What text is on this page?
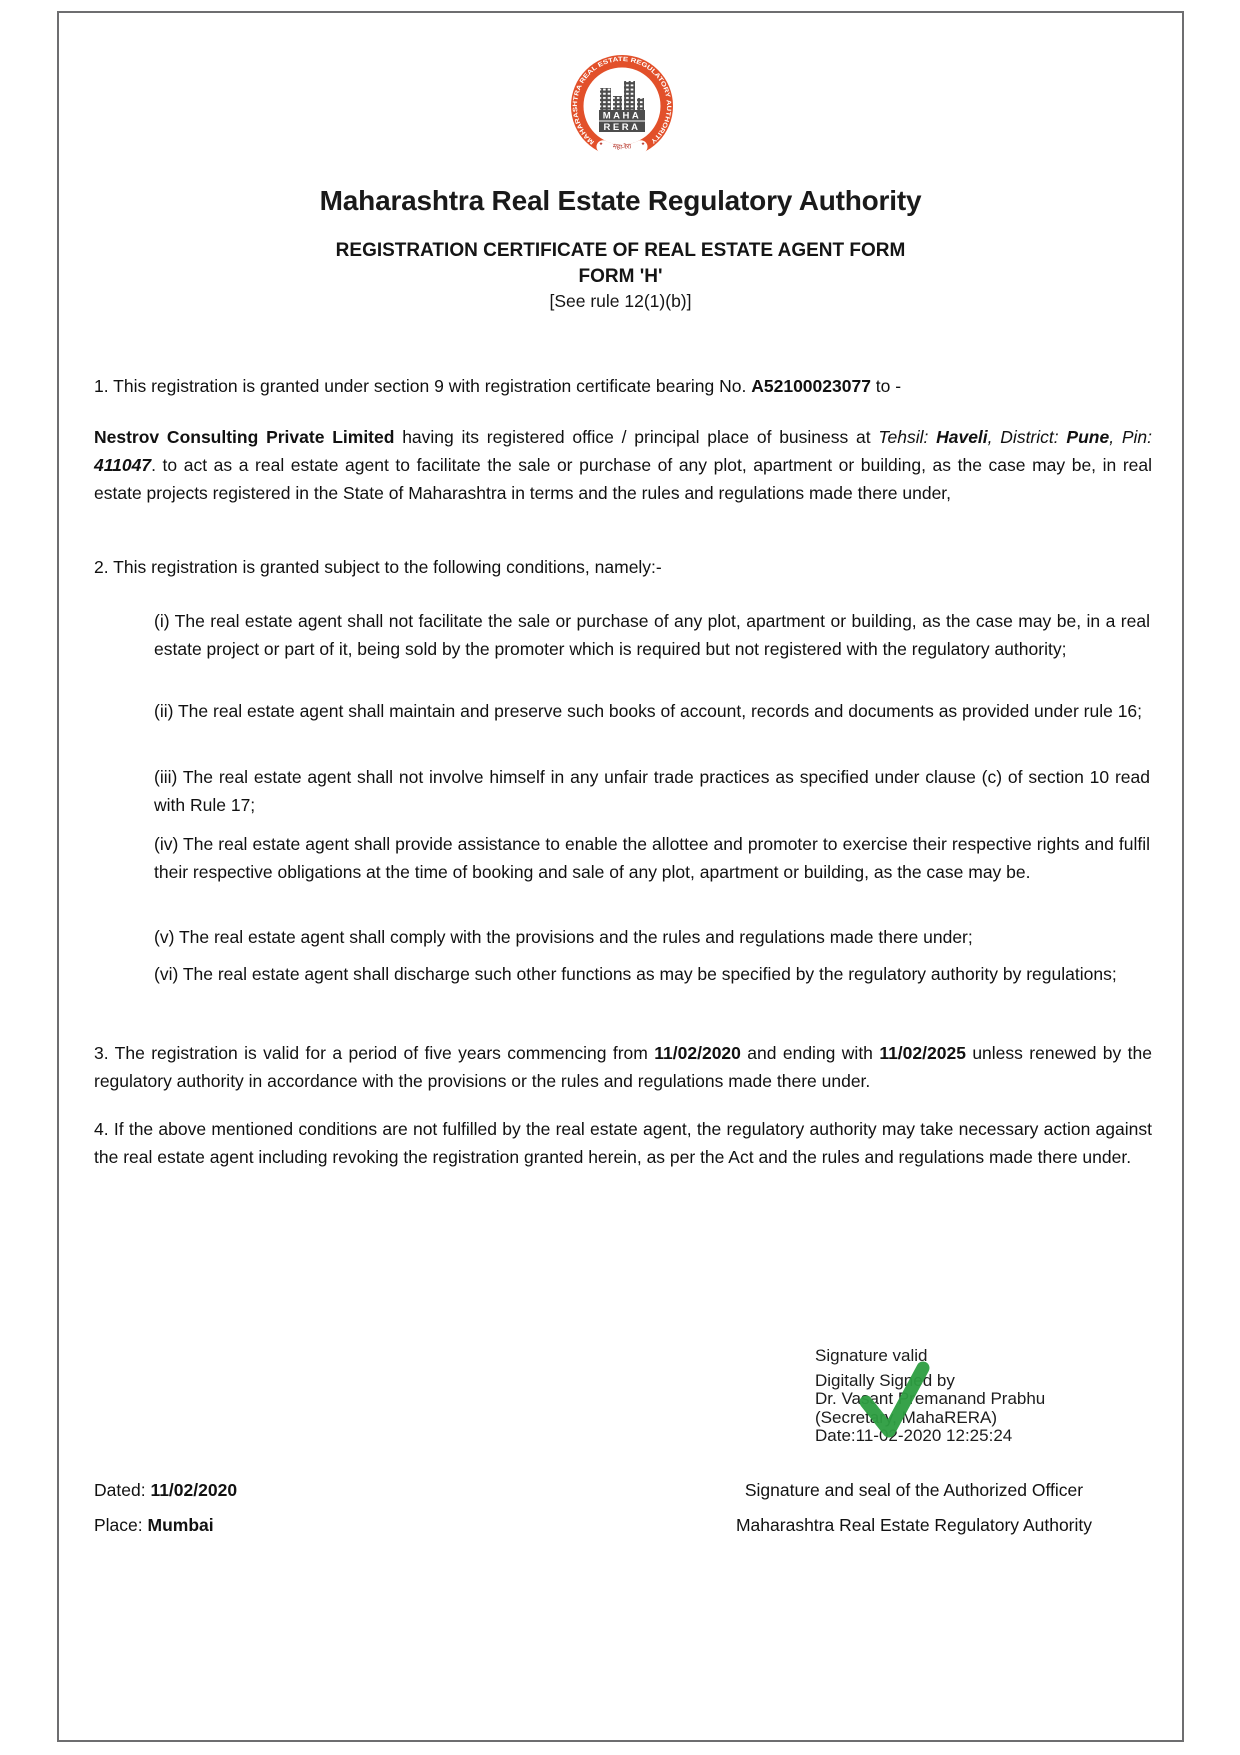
MAHARASHTRA REAL ESTATE REGULATORY AUTHORITY
MAHA
RERA
महा-रेरा
★	★
Maharashtra Real Estate Regulatory Authority
REGISTRATION CERTIFICATE OF REAL ESTATE AGENT FORM
FORM 'H'
[See rule 12(1)(b)]

1. This registration is granted under section 9 with registration certificate bearing No. A52100023077 to -

Nestrov Consulting Private Limited having its registered office / principal place of business at Tehsil: Haveli, District: Pune, Pin: 411047. to act as a real estate agent to facilitate the sale or purchase of any plot, apartment or building, as the case may be, in real estate projects registered in the State of Maharashtra in terms and the rules and regulations made there under,

2. This registration is granted subject to the following conditions, namely:-

(i) The real estate agent shall not facilitate the sale or purchase of any plot, apartment or building, as the case may be, in a real estate project or part of it, being sold by the promoter which is required but not registered with the regulatory authority;

(ii) The real estate agent shall maintain and preserve such books of account, records and documents as provided under rule 16;

(iii) The real estate agent shall not involve himself in any unfair trade practices as specified under clause (c) of section 10 read with Rule 17;

(iv) The real estate agent shall provide assistance to enable the allottee and promoter to exercise their respective rights and fulfil their respective obligations at the time of booking and sale of any plot, apartment or building, as the case may be.

(v) The real estate agent shall comply with the provisions and the rules and regulations made there under;

(vi) The real estate agent shall discharge such other functions as may be specified by the regulatory authority by regulations;

3. The registration is valid for a period of five years commencing from 11/02/2020 and ending with 11/02/2025 unless renewed by the regulatory authority in accordance with the provisions or the rules and regulations made there under.

4. If the above mentioned conditions are not fulfilled by the real estate agent, the regulatory authority may take necessary action against the real estate agent including revoking the registration granted herein, as per the Act and the rules and regulations made there under.

Signature valid
Digitally Signed by
Dr. Vasant Premanand Prabhu
(Secretary, MahaRERA)
Date:11-02-2020 12:25:24
Dated: 11/02/2020
Place: Mumbai
Signature and seal of the Authorized Officer
Maharashtra Real Estate Regulatory Authority
